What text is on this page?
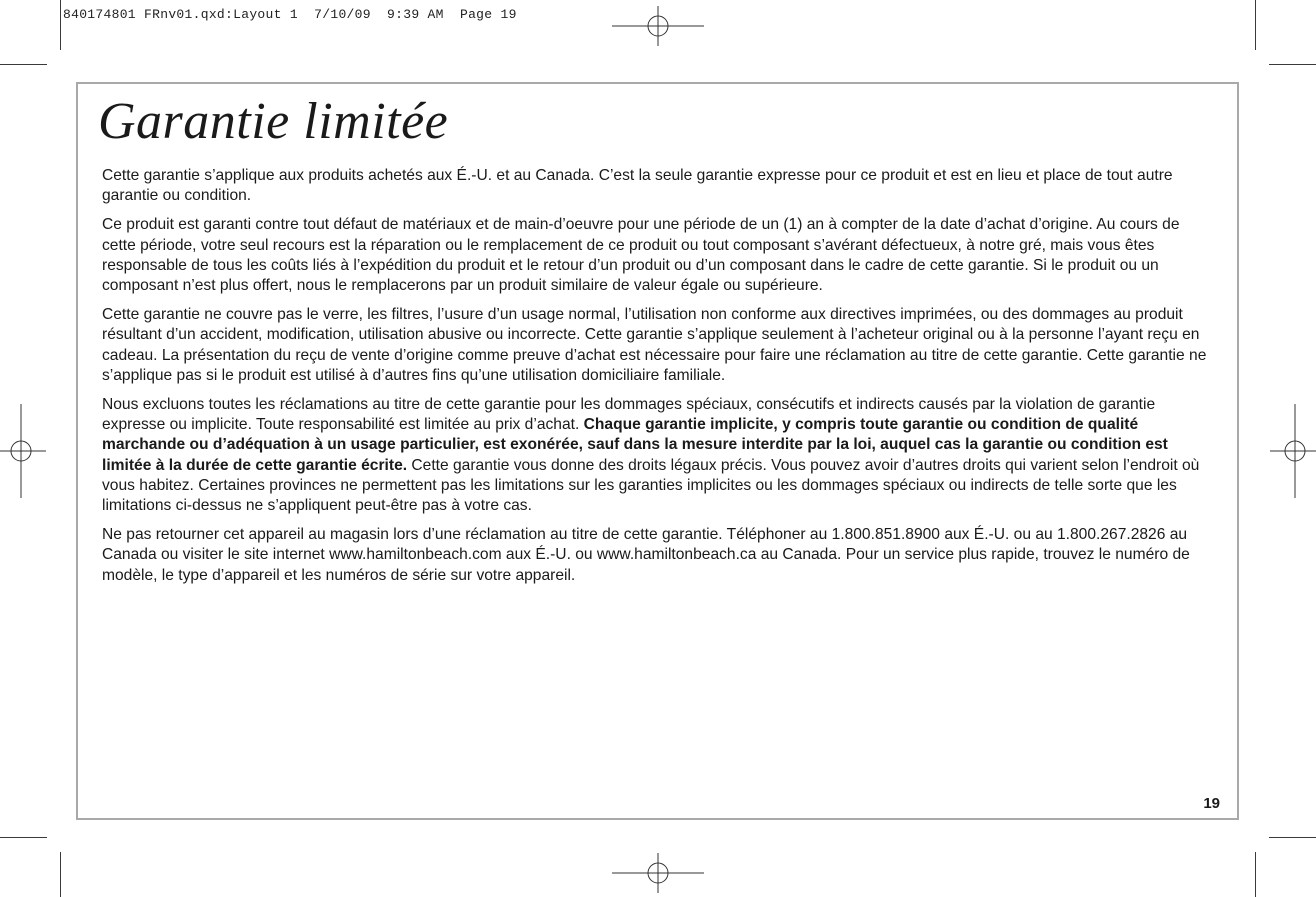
840174801 FRnv01.qxd:Layout 1  7/10/09  9:39 AM  Page 19
Garantie limitée

Cette garantie s’applique aux produits achetés aux É.-U. et au Canada. C’est la seule garantie expresse pour ce produit et est en lieu et place de tout autre garantie ou condition.

Ce produit est garanti contre tout défaut de matériaux et de main-d’oeuvre pour une période de un (1) an à compter de la date d’achat d’origine. Au cours de cette période, votre seul recours est la réparation ou le remplacement de ce produit ou tout composant s’avérant défectueux, à notre gré, mais vous êtes responsable de tous les coûts liés à l’expédition du produit et le retour d’un produit ou d’un composant dans le cadre de cette garantie. Si le produit ou un composant n’est plus offert, nous le remplacerons par un produit similaire de valeur égale ou supérieure.

Cette garantie ne couvre pas le verre, les filtres, l’usure d’un usage normal, l’utilisation non conforme aux directives imprimées, ou des dommages au produit résultant d’un accident, modification, utilisation abusive ou incorrecte. Cette garantie s’applique seulement à l’acheteur original ou à la personne l’ayant reçu en cadeau. La présentation du reçu de vente d’origine comme preuve d’achat est nécessaire pour faire une réclamation au titre de cette garantie. Cette garantie ne s’applique pas si le produit est utilisé à d’autres fins qu’une utilisation domiciliaire familiale.

Nous excluons toutes les réclamations au titre de cette garantie pour les dommages spéciaux, consécutifs et indirects causés par la violation de garantie expresse ou implicite. Toute responsabilité est limitée au prix d’achat. Chaque garantie implicite, y compris toute garantie ou condition de qualité marchande ou d’adéquation à un usage particulier, est exonérée, sauf dans la mesure interdite par la loi, auquel cas la garantie ou condition est limitée à la durée de cette garantie écrite. Cette garantie vous donne des droits légaux précis. Vous pouvez avoir d’autres droits qui varient selon l’endroit où vous habitez. Certaines provinces ne permettent pas les limitations sur les garanties implicites ou les dommages spéciaux ou indirects de telle sorte que les limitations ci-dessus ne s’appliquent peut-être pas à votre cas.

Ne pas retourner cet appareil au magasin lors d’une réclamation au titre de cette garantie. Téléphoner au 1.800.851.8900 aux É.-U. ou au 1.800.267.2826 au Canada ou visiter le site internet www.hamiltonbeach.com aux É.-U. ou www.hamiltonbeach.ca au Canada. Pour un service plus rapide, trouvez le numéro de modèle, le type d’appareil et les numéros de série sur votre appareil.

19
